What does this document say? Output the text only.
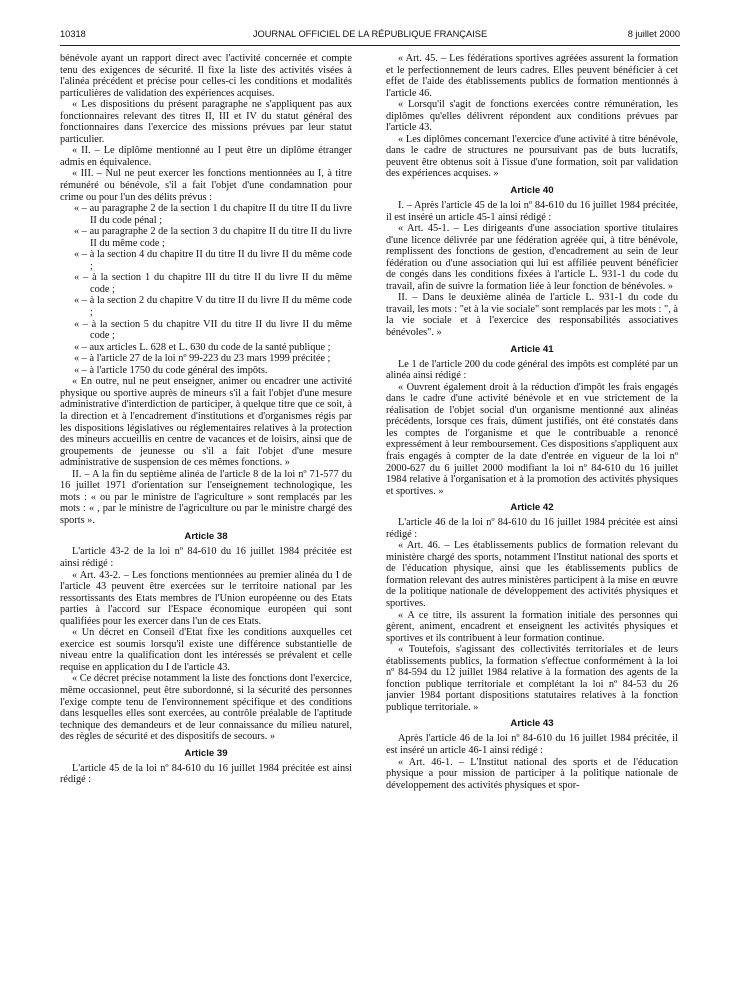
10318	JOURNAL OFFICIEL DE LA RÉPUBLIQUE FRANÇAISE	8 juillet 2000

bénévole ayant un rapport direct avec l'activité concernée et compte tenu des exigences de sécurité. Il fixe la liste des activités visées à l'alinéa précédent et précise pour celles-ci les conditions et modalités particulières de validation des expériences acquises.

« Les dispositions du présent paragraphe ne s'appliquent pas aux fonctionnaires relevant des titres II, III et IV du statut général des fonctionnaires dans l'exercice des missions prévues par leur statut particulier.

« II. – Le diplôme mentionné au I peut être un diplôme étranger admis en équivalence.

« III. – Nul ne peut exercer les fonctions mentionnées au I, à titre rémunéré ou bénévole, s'il a fait l'objet d'une condamnation pour crime ou pour l'un des délits prévus :

« – au paragraphe 2 de la section 1 du chapitre II du titre II du livre II du code pénal ;

« – au paragraphe 2 de la section 3 du chapitre II du titre II du livre II du même code ;

« – à la section 4 du chapitre II du titre II du livre II du même code ;

« – à la section 1 du chapitre III du titre II du livre II du même code ;

« – à la section 2 du chapitre V du titre II du livre II du même code ;

« – à la section 5 du chapitre VII du titre II du livre II du même code ;

« – aux articles L. 628 et L. 630 du code de la santé publique ;

« – à l'article 27 de la loi nº 99-223 du 23 mars 1999 précitée ;

« – à l'article 1750 du code général des impôts.

« En outre, nul ne peut enseigner, animer ou encadrer une activité physique ou sportive auprès de mineurs s'il a fait l'objet d'une mesure administrative d'interdiction de participer, à quelque titre que ce soit, à la direction et à l'encadrement d'institutions et d'organismes régis par les dispositions législatives ou réglementaires relatives à la protection des mineurs accueillis en centre de vacances et de loisirs, ainsi que de groupements de jeunesse ou s'il a fait l'objet d'une mesure administrative de suspension de ces mêmes fonctions. »

II. – A la fin du septième alinéa de l'article 8 de la loi nº 71-577 du 16 juillet 1971 d'orientation sur l'enseignement technologique, les mots : « ou par le ministre de l'agriculture » sont remplacés par les mots : « , par le ministre de l'agriculture ou par le ministre chargé des sports ».

Article 38

L'article 43-2 de la loi nº 84-610 du 16 juillet 1984 précitée est ainsi rédigé :

« Art. 43-2. – Les fonctions mentionnées au premier alinéa du I de l'article 43 peuvent être exercées sur le territoire national par les ressortissants des Etats membres de l'Union européenne ou des Etats parties à l'accord sur l'Espace économique européen qui sont qualifiées pour les exercer dans l'un de ces Etats.

« Un décret en Conseil d'Etat fixe les conditions auxquelles cet exercice est soumis lorsqu'il existe une différence substantielle de niveau entre la qualification dont les intéressés se prévalent et celle requise en application du I de l'article 43.

« Ce décret précise notamment la liste des fonctions dont l'exercice, même occasionnel, peut être subordonné, si la sécurité des personnes l'exige compte tenu de l'environnement spécifique et des conditions dans lesquelles elles sont exercées, au contrôle préalable de l'aptitude technique des demandeurs et de leur connaissance du milieu naturel, des règles de sécurité et des dispositifs de secours. »

Article 39

L'article 45 de la loi nº 84-610 du 16 juillet 1984 précitée est ainsi rédigé :

« Art. 45. – Les fédérations sportives agréées assurent la formation et le perfectionnement de leurs cadres. Elles peuvent bénéficier à cet effet de l'aide des établissements publics de formation mentionnés à l'article 46.

« Lorsqu'il s'agit de fonctions exercées contre rémunération, les diplômes qu'elles délivrent répondent aux conditions prévues par l'article 43.

« Les diplômes concernant l'exercice d'une activité à titre bénévole, dans le cadre de structures ne poursuivant pas de buts lucratifs, peuvent être obtenus soit à l'issue d'une formation, soit par validation des expériences acquises. »

Article 40

I. – Après l'article 45 de la loi nº 84-610 du 16 juillet 1984 précitée, il est inséré un article 45-1 ainsi rédigé :

« Art. 45-1. – Les dirigeants d'une association sportive titulaires d'une licence délivrée par une fédération agréée qui, à titre bénévole, remplissent des fonctions de gestion, d'encadrement au sein de leur fédération ou d'une association qui lui est affiliée peuvent bénéficier de congés dans les conditions fixées à l'article L. 931-1 du code du travail, afin de suivre la formation liée à leur fonction de bénévoles. »

II. – Dans le deuxième alinéa de l'article L. 931-1 du code du travail, les mots : "et à la vie sociale" sont remplacés par les mots : ", à la vie sociale et à l'exercice des responsabilités associatives bénévoles". »

Article 41

Le 1 de l'article 200 du code général des impôts est complété par un alinéa ainsi rédigé :

« Ouvrent également droit à la réduction d'impôt les frais engagés dans le cadre d'une activité bénévole et en vue strictement de la réalisation de l'objet social d'un organisme mentionné aux alinéas précédents, lorsque ces frais, dûment justifiés, ont été constatés dans les comptes de l'organisme et que le contribuable a renoncé expressément à leur remboursement. Ces dispositions s'appliquent aux frais engagés à compter de la date d'entrée en vigueur de la loi nº 2000-627 du 6 juillet 2000 modifiant la loi nº 84-610 du 16 juillet 1984 relative à l'organisation et à la promotion des activités physiques et sportives. »

Article 42

L'article 46 de la loi nº 84-610 du 16 juillet 1984 précitée est ainsi rédigé :

« Art. 46. – Les établissements publics de formation relevant du ministère chargé des sports, notamment l'Institut national des sports et de l'éducation physique, ainsi que les établissements publics de formation relevant des autres ministères participent à la mise en œuvre de la politique nationale de développement des activités physiques et sportives.

« A ce titre, ils assurent la formation initiale des personnes qui gèrent, animent, encadrent et enseignent les activités physiques et sportives et ils contribuent à leur formation continue.

« Toutefois, s'agissant des collectivités territoriales et de leurs établissements publics, la formation s'effectue conformément à la loi nº 84-594 du 12 juillet 1984 relative à la formation des agents de la fonction publique territoriale et complétant la loi nº 84-53 du 26 janvier 1984 portant dispositions statutaires relatives à la fonction publique territoriale. »

Article 43

Après l'article 46 de la loi nº 84-610 du 16 juillet 1984 précitée, il est inséré un article 46-1 ainsi rédigé :

« Art. 46-1. – L'Institut national des sports et de l'éducation physique a pour mission de participer à la politique nationale de développement des activités physiques et spor-
